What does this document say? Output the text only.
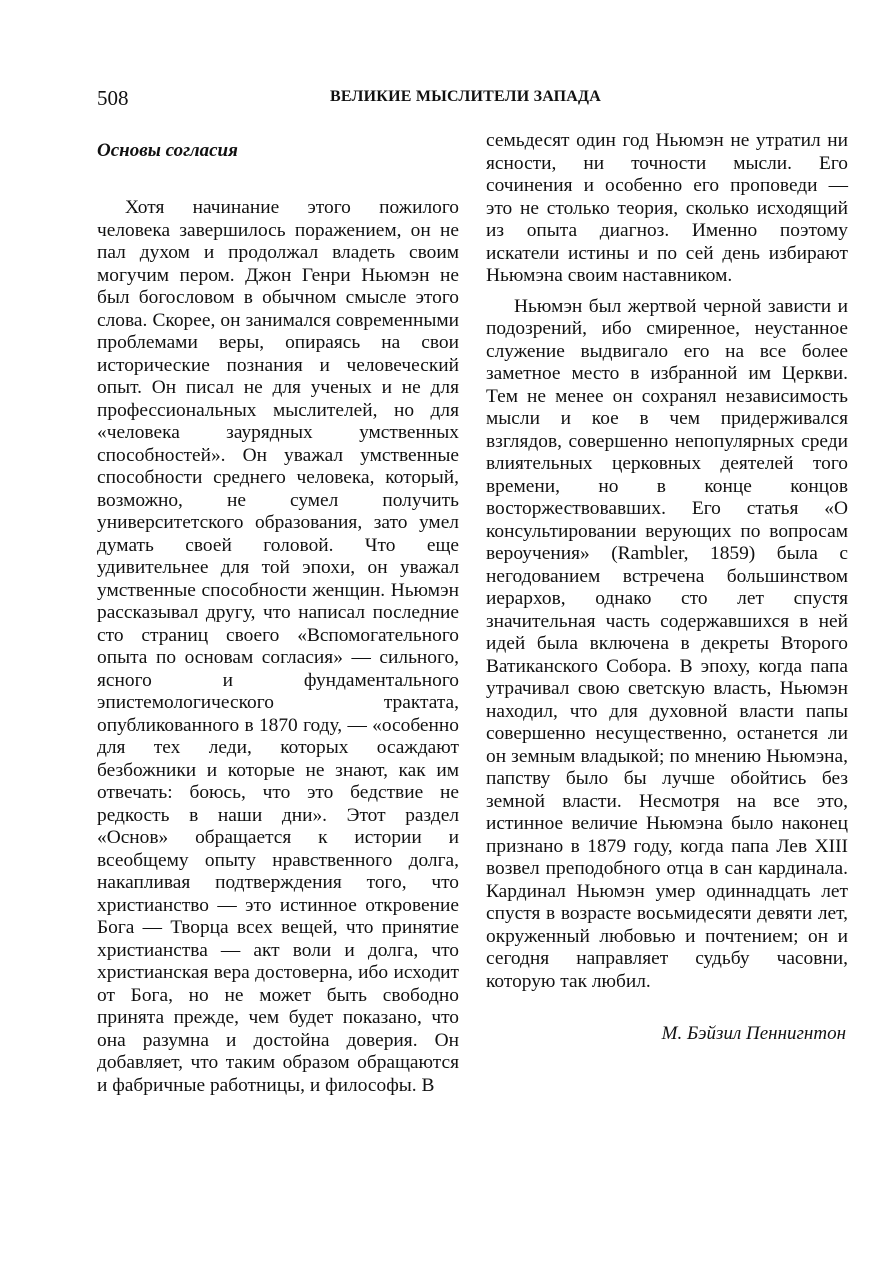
508	ВЕЛИКИЕ МЫСЛИТЕЛИ ЗАПАДА
Основы согласия

Хотя начинание этого пожилого человека завершилось поражением, он не пал духом и продолжал владеть своим могучим пером. Джон Генри Ньюмэн не был богословом в обычном смысле этого слова. Скорее, он занимался современными проблемами веры, опираясь на свои исторические познания и человеческий опыт. Он писал не для ученых и не для профессиональных мыслителей, но для «человека заурядных умственных способностей». Он уважал умственные способности среднего человека, который, возможно, не сумел получить университетского образования, зато умел думать своей головой. Что еще удивительнее для той эпохи, он уважал умственные способности женщин. Ньюмэн рассказывал другу, что написал последние сто страниц своего «Вспомогательного опыта по основам согласия» — сильного, ясного и фундаментального эпистемологического трактата, опубликованного в 1870 году, — «особенно для тех леди, которых осаждают безбожники и которые не знают, как им отвечать: боюсь, что это бедствие не редкость в наши дни». Этот раздел «Основ» обращается к истории и всеобщему опыту нравственного долга, накапливая подтверждения того, что христианство — это истинное откровение Бога — Творца всех вещей, что принятие христианства — акт воли и долга, что христианская вера достоверна, ибо исходит от Бога, но не может быть свободно принята прежде, чем будет показано, что она разумна и достойна доверия. Он добавляет, что таким образом обращаются и фабричные работницы, и философы. В

семьдесят один год Ньюмэн не утратил ни ясности, ни точности мысли. Его сочинения и особенно его проповеди — это не столько теория, сколько исходящий из опыта диагноз. Именно поэтому искатели истины и по сей день избирают Ньюмэна своим наставником.

Ньюмэн был жертвой черной зависти и подозрений, ибо смиренное, неустанное служение выдвигало его на все более заметное место в избранной им Церкви. Тем не менее он сохранял независимость мысли и кое в чем придерживался взглядов, совершенно непопулярных среди влиятельных церковных деятелей того времени, но в конце концов восторжествовавших. Его статья «О консультировании верующих по вопросам вероучения» (Rambler, 1859) была с негодованием встречена большинством иерархов, однако сто лет спустя значительная часть содержавшихся в ней идей была включена в декреты Второго Ватиканского Собора. В эпоху, когда папа утрачивал свою светскую власть, Ньюмэн находил, что для духовной власти папы совершенно несущественно, останется ли он земным владыкой; по мнению Ньюмэна, папству было бы лучше обойтись без земной власти. Несмотря на все это, истинное величие Ньюмэна было наконец признано в 1879 году, когда папа Лев XIII возвел преподобного отца в сан кардинала. Кардинал Ньюмэн умер одиннадцать лет спустя в возрасте восьмидесяти девяти лет, окруженный любовью и почтением; он и сегодня направляет судьбу часовни, которую так любил.

М. Бэйзил Пеннигнтон
